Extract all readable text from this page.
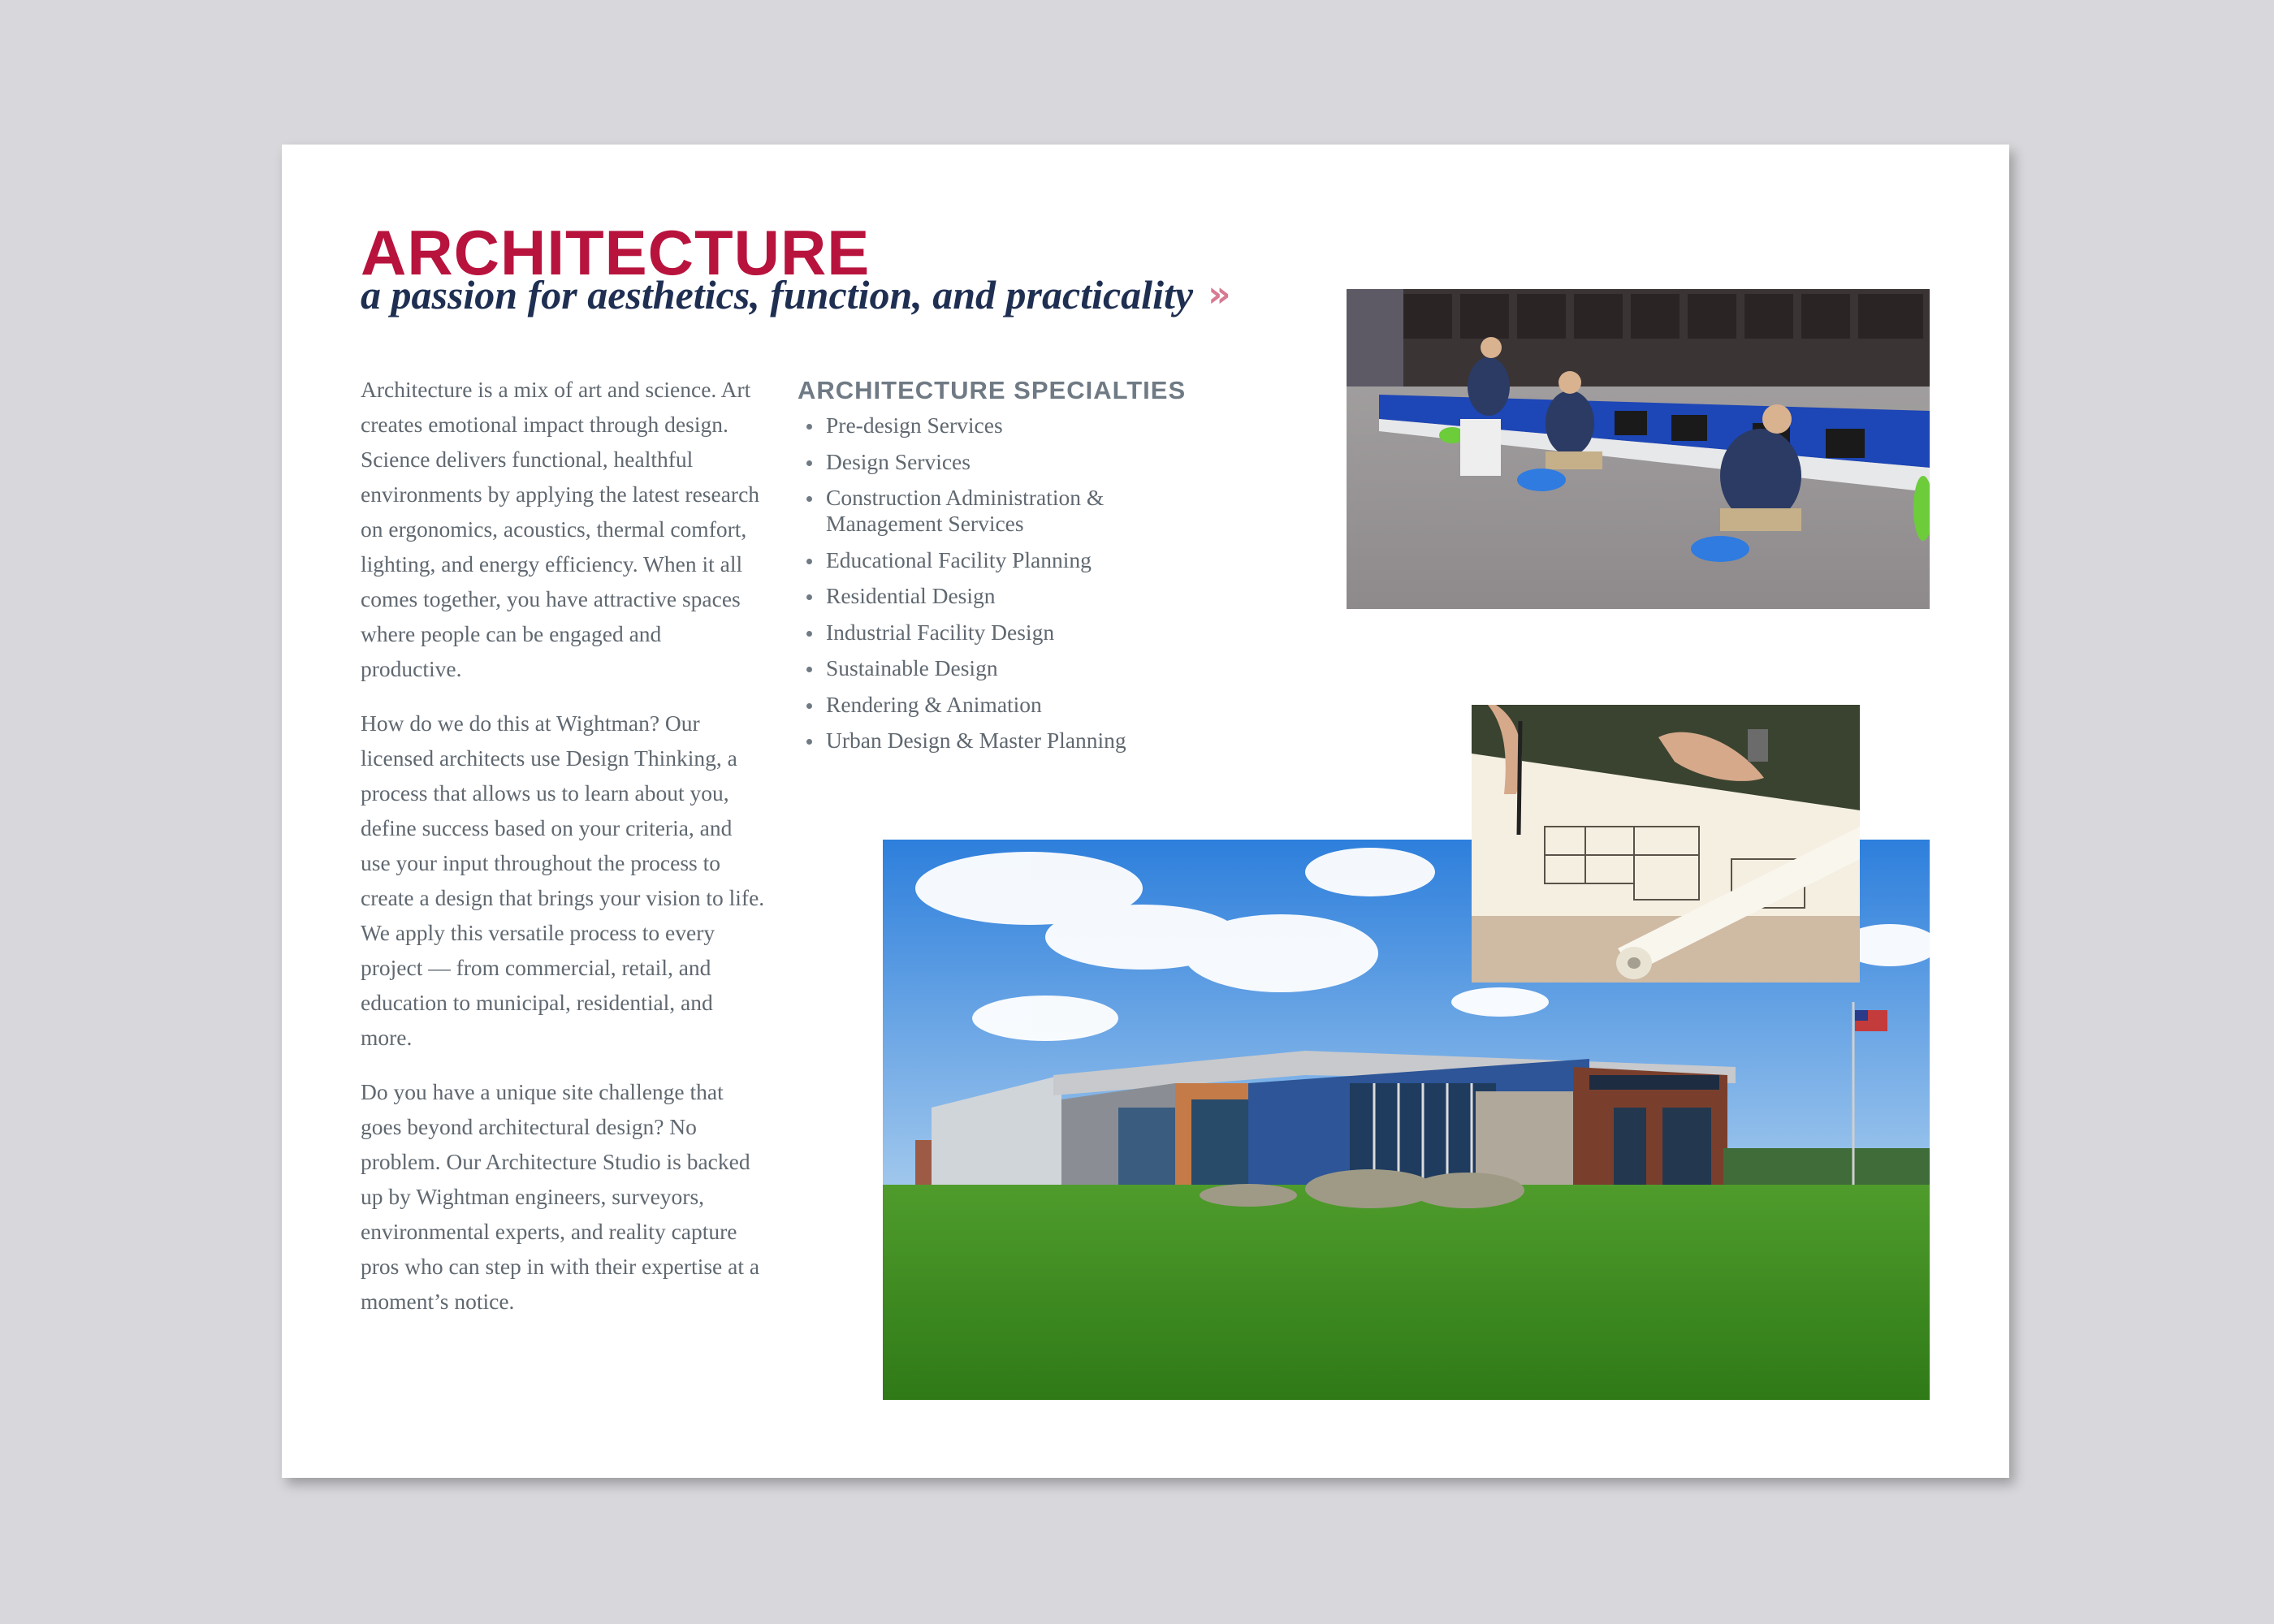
ARCHITECTURE
a passion for aesthetics, function, and practicality »

Architecture is a mix of art and science. Art creates emotional impact through design. Science delivers functional, healthful environments by applying the latest research on ergonomics, acoustics, thermal comfort, lighting, and energy efficiency. When it all comes together, you have attractive spaces where people can be engaged and productive.

How do we do this at Wightman? Our licensed architects use Design Thinking, a process that allows us to learn about you, define success based on your criteria, and use your input throughout the process to create a design that brings your vision to life. We apply this versatile process to every project — from commercial, retail, and education to municipal, residential, and more.

Do you have a unique site challenge that goes beyond architectural design? No problem. Our Architecture Studio is backed up by Wightman engineers, surveyors, environmental experts, and reality capture pros who can step in with their expertise at a moment’s notice.

ARCHITECTURE SPECIALTIES
Pre-design Services
Design Services
Construction Administration & Management Services
Educational Facility Planning
Residential Design
Industrial Facility Design
Sustainable Design
Rendering & Animation
Urban Design & Master Planning
